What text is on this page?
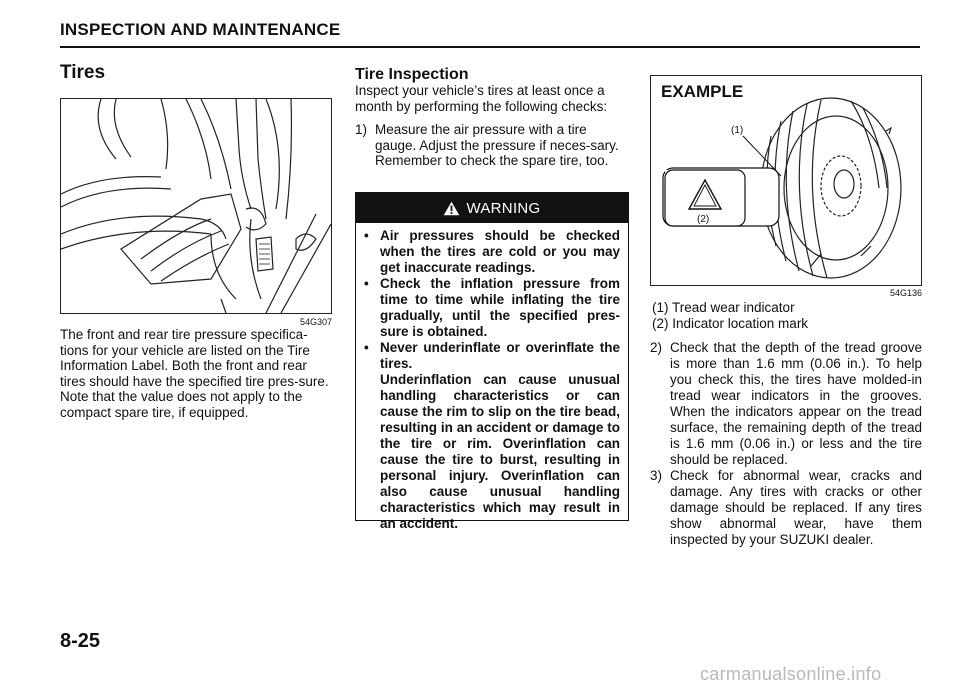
INSPECTION AND MAINTENANCE
Tires
54G307

The front and rear tire pressure specifica-tions for your vehicle are listed on the Tire Information Label. Both the front and rear tires should have the specified tire pres-sure.

Note that the value does not apply to the compact spare tire, if equipped.

Tire Inspection
Inspect your vehicle’s tires at least once a month by performing the following checks:
1) Measure the air pressure with a tire gauge. Adjust the pressure if neces-sary. Remember to check the spare tire, too.
WARNING
• Air pressures should be checked when the tires are cold or you may get inaccurate readings.
• Check the inflation pressure from time to time while inflating the tire gradually, until the specified pres-sure is obtained.
• Never underinflate or overinflate the tires.
Underinflation can cause unusual handling characteristics or can cause the rim to slip on the tire bead, resulting in an accident or damage to the tire or rim. Overinflation can cause the tire to burst, resulting in personal injury. Overinflation can also cause unusual handling characteristics which may result in an accident.
EXAMPLE
(1)
(2)
54G136
(1) Tread wear indicator
(2) Indicator location mark
2) Check that the depth of the tread groove is more than 1.6 mm (0.06 in.). To help you check this, the tires have molded-in tread wear indicators in the grooves. When the indicators appear on the tread surface, the remaining depth of the tread is 1.6 mm (0.06 in.) or less and the tire should be replaced.
3) Check for abnormal wear, cracks and damage. Any tires with cracks or other damage should be replaced. If any tires show abnormal wear, have them inspected by your SUZUKI dealer.
8-25
carmanualsonline.info
